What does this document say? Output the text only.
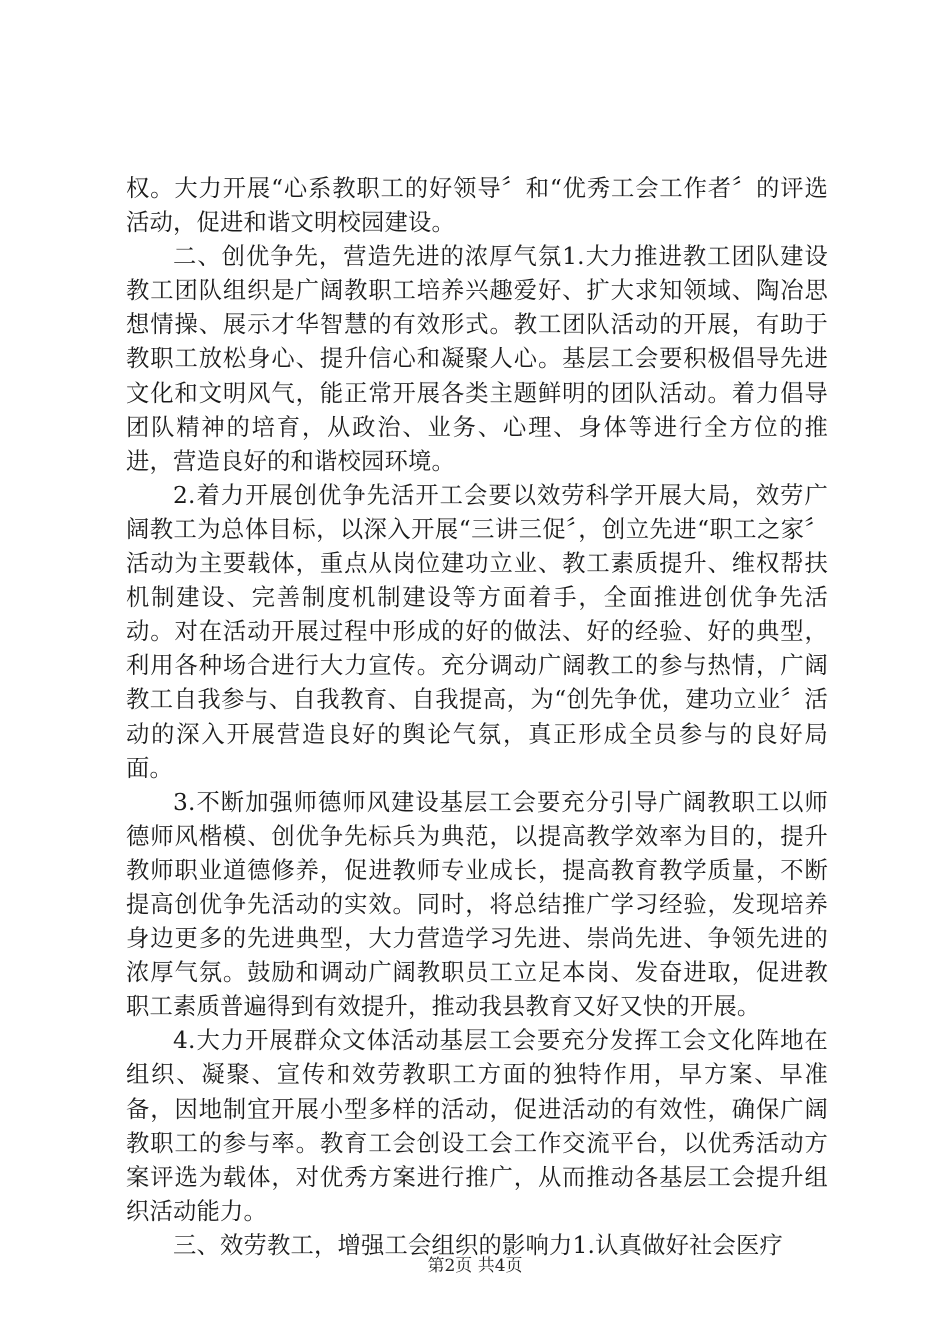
权。大力开展“心系教职工的好领导〞和“优秀工会工作者〞的评选活动，促进和谐文明校园建设。

二、创优争先，营造先进的浓厚气氛1.大力推进教工团队建设教工团队组织是广阔教职工培养兴趣爱好、扩大求知领域、陶冶思想情操、展示才华智慧的有效形式。教工团队活动的开展，有助于教职工放松身心、提升信心和凝聚人心。基层工会要积极倡导先进文化和文明风气，能正常开展各类主题鲜明的团队活动。着力倡导团队精神的培育，从政治、业务、心理、身体等进行全方位的推进，营造良好的和谐校园环境。

2.着力开展创优争先活开工会要以效劳科学开展大局，效劳广阔教工为总体目标，以深入开展“三讲三促〞，创立先进“职工之家〞活动为主要载体，重点从岗位建功立业、教工素质提升、维权帮扶机制建设、完善制度机制建设等方面着手，全面推进创优争先活动。对在活动开展过程中形成的好的做法、好的经验、好的典型，利用各种场合进行大力宣传。充分调动广阔教工的参与热情，广阔教工自我参与、自我教育、自我提高，为“创先争优，建功立业〞活动的深入开展营造良好的舆论气氛，真正形成全员参与的良好局面。

3.不断加强师德师风建设基层工会要充分引导广阔教职工以师德师风楷模、创优争先标兵为典范，以提高教学效率为目的，提升教师职业道德修养，促进教师专业成长，提高教育教学质量，不断提高创优争先活动的实效。同时，将总结推广学习经验，发现培养身边更多的先进典型，大力营造学习先进、崇尚先进、争领先进的浓厚气氛。鼓励和调动广阔教职员工立足本岗、发奋进取，促进教职工素质普遍得到有效提升，推动我县教育又好又快的开展。

4.大力开展群众文体活动基层工会要充分发挥工会文化阵地在组织、凝聚、宣传和效劳教职工方面的独特作用，早方案、早准备，因地制宜开展小型多样的活动，促进活动的有效性，确保广阔教职工的参与率。教育工会创设工会工作交流平台，以优秀活动方案评选为载体，对优秀方案进行推广，从而推动各基层工会提升组织活动能力。

三、效劳教工，增强工会组织的影响力1.认真做好社会医疗

第2页 共4页
